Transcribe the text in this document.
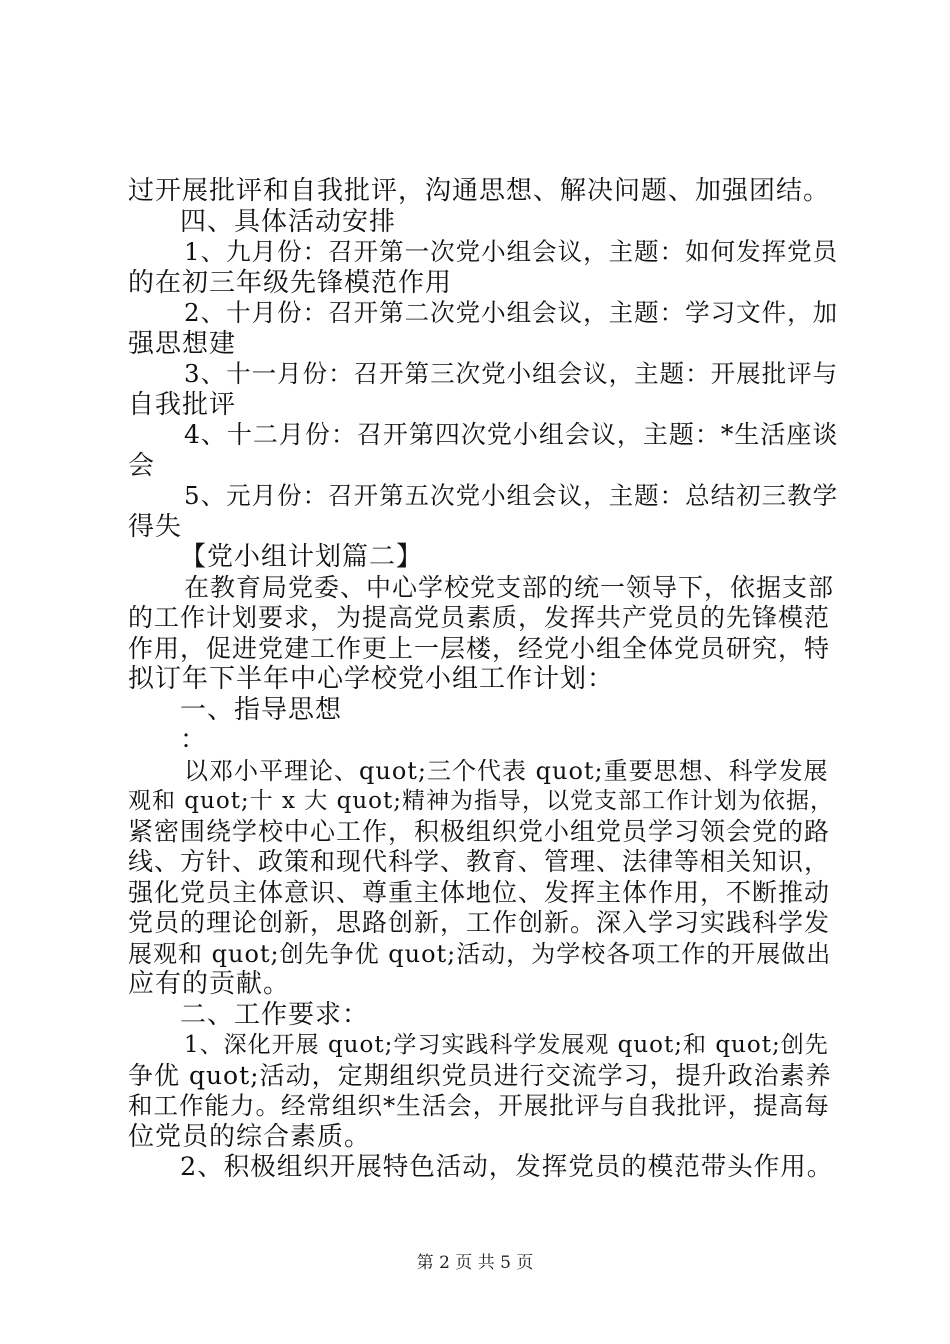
过开展批评和自我批评，沟通思想、解决问题、加强团结。
四、具体活动安排
1、九月份：召开第一次党小组会议，主题：如何发挥党员
的在初三年级先锋模范作用
2、十月份：召开第二次党小组会议，主题：学习文件，加
强思想建
3、十一月份：召开第三次党小组会议，主题：开展批评与
自我批评
4、十二月份：召开第四次党小组会议，主题：*生活座谈
会
5、元月份：召开第五次党小组会议，主题：总结初三教学
得失
【党小组计划篇二】
在教育局党委、中心学校党支部的统一领导下，依据支部
的工作计划要求，为提高党员素质，发挥共产党员的先锋模范
作用，促进党建工作更上一层楼，经党小组全体党员研究，特
拟订年下半年中心学校党小组工作计划：
一、指导思想
：
以邓小平理论、quot;三个代表 quot;重要思想、科学发展
观和 quot;十 x 大 quot;精神为指导，以党支部工作计划为依据，
紧密围绕学校中心工作，积极组织党小组党员学习领会党的路
线、方针、政策和现代科学、教育、管理、法律等相关知识，
强化党员主体意识、尊重主体地位、发挥主体作用，不断推动
党员的理论创新，思路创新，工作创新。深入学习实践科学发
展观和 quot;创先争优 quot;活动，为学校各项工作的开展做出
应有的贡献。
二、工作要求：
1、深化开展 quot;学习实践科学发展观 quot;和 quot;创先
争优 quot;活动，定期组织党员进行交流学习，提升政治素养
和工作能力。经常组织*生活会，开展批评与自我批评，提高每
位党员的综合素质。
2、积极组织开展特色活动，发挥党员的模范带头作用。
第 2 页 共 5 页
